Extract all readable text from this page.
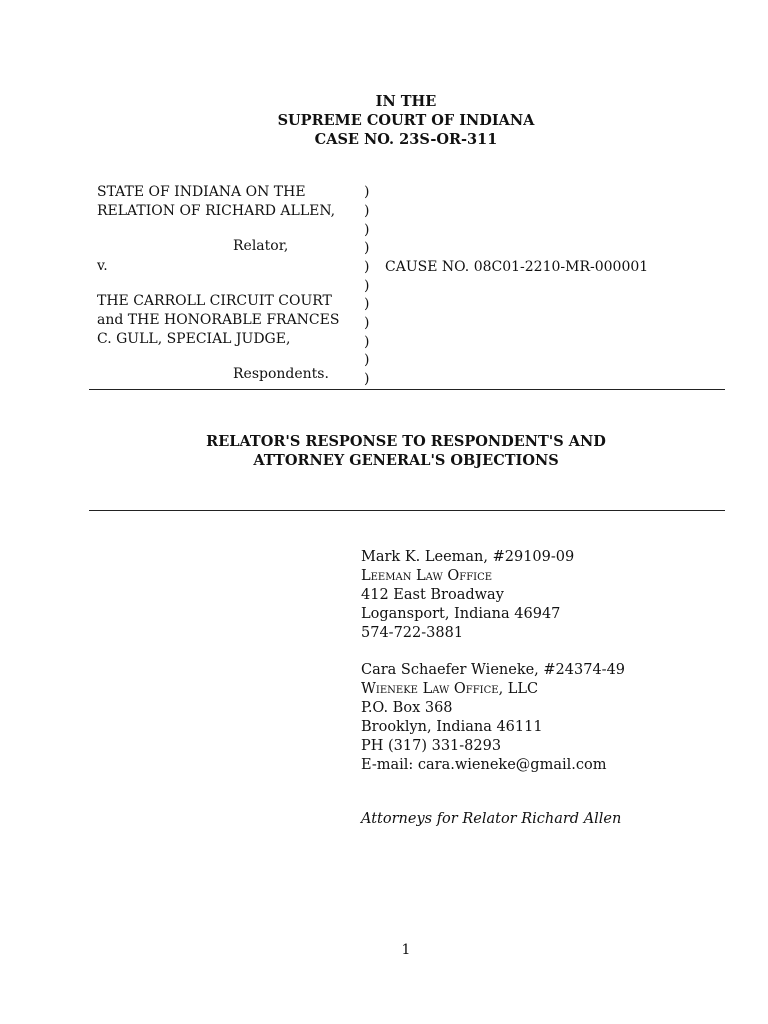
IN THE
SUPREME COURT OF INDIANA
CASE NO. 23S-OR-311
STATE OF INDIANA ON THE
RELATION OF RICHARD ALLEN,
Relator,
v.
THE CARROLL CIRCUIT COURT
and THE HONORABLE FRANCES
C. GULL, SPECIAL JUDGE,
Respondents.
)
)
)
)
)
)
)
)
)
)
)
CAUSE NO. 08C01-2210-MR-000001
RELATOR'S RESPONSE TO RESPONDENT'S AND
ATTORNEY GENERAL'S OBJECTIONS
Mark K. Leeman, #29109-09
Leeman Law Office
412 East Broadway
Logansport, Indiana 46947
574-722-3881
Cara Schaefer Wieneke, #24374-49
Wieneke Law Office, LLC
P.O. Box 368
Brooklyn, Indiana 46111
PH (317) 331-8293
E-mail: cara.wieneke@gmail.com
Attorneys for Relator Richard Allen
1
